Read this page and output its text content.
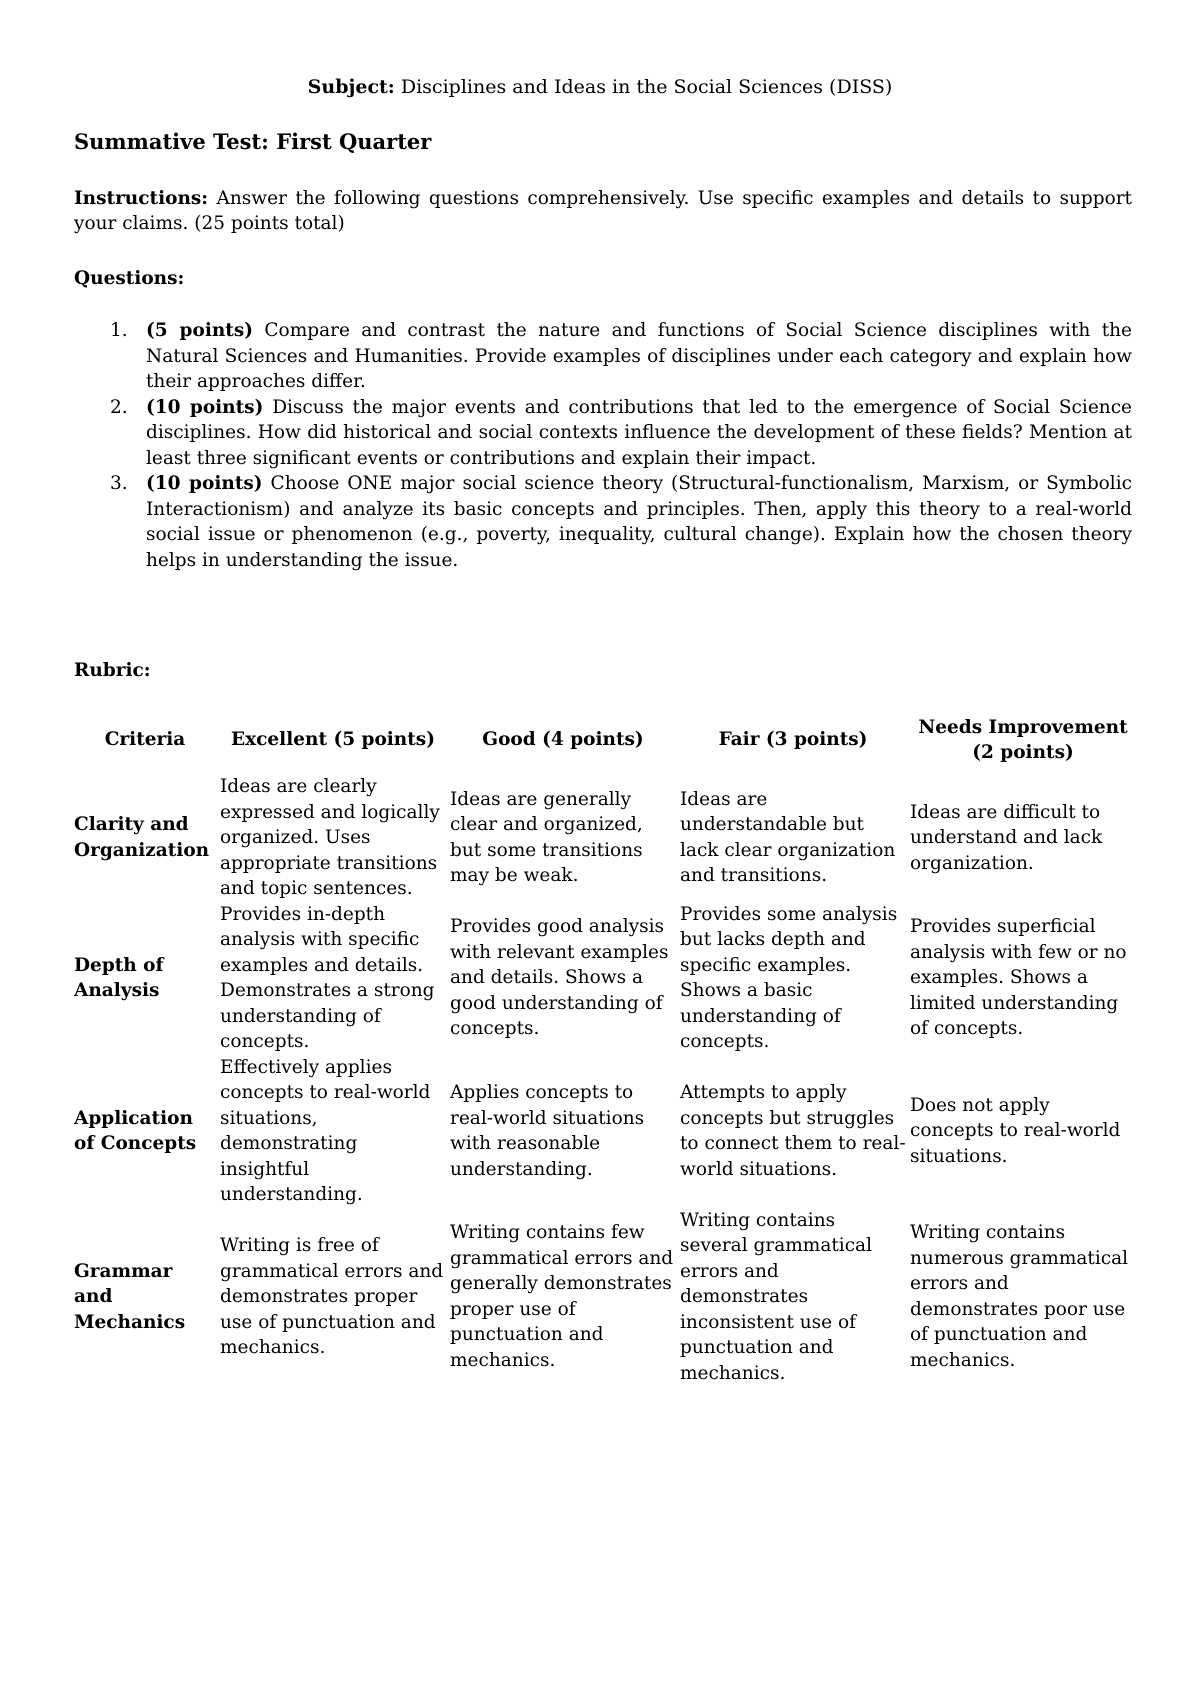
Subject: Disciplines and Ideas in the Social Sciences (DISS)
Summative Test: First Quarter
Instructions: Answer the following questions comprehensively. Use specific examples and details to support your claims. (25 points total)
Questions:
1. (5 points) Compare and contrast the nature and functions of Social Science disciplines with the Natural Sciences and Humanities. Provide examples of disciplines under each category and explain how their approaches differ.
2. (10 points) Discuss the major events and contributions that led to the emergence of Social Science disciplines. How did historical and social contexts influence the development of these fields? Mention at least three significant events or contributions and explain their impact.
3. (10 points) Choose ONE major social science theory (Structural-functionalism, Marxism, or Symbolic Interactionism) and analyze its basic concepts and principles. Then, apply this theory to a real-world social issue or phenomenon (e.g., poverty, inequality, cultural change). Explain how the chosen theory helps in understanding the issue.
Rubric:
Criteria	Excellent (5 points)	Good (4 points)	Fair (3 points)	Needs Improvement (2 points)
Clarity and Organization	Ideas are clearly expressed and logically organized. Uses appropriate transitions and topic sentences.	Ideas are generally clear and organized, but some transitions may be weak.	Ideas are understandable but lack clear organization and transitions.	Ideas are difficult to understand and lack organization.
Depth of Analysis	Provides in-depth analysis with specific examples and details. Demonstrates a strong understanding of concepts.	Provides good analysis with relevant examples and details. Shows a good understanding of concepts.	Provides some analysis but lacks depth and specific examples. Shows a basic understanding of concepts.	Provides superficial analysis with few or no examples. Shows a limited understanding of concepts.
Application of Concepts	Effectively applies concepts to real-world situations, demonstrating insightful understanding.	Applies concepts to real-world situations with reasonable understanding.	Attempts to apply concepts but struggles to connect them to real-world situations.	Does not apply concepts to real-world situations.
Grammar and Mechanics	Writing is free of grammatical errors and demonstrates proper use of punctuation and mechanics.	Writing contains few grammatical errors and generally demonstrates proper use of punctuation and mechanics.	Writing contains several grammatical errors and demonstrates inconsistent use of punctuation and mechanics.	Writing contains numerous grammatical errors and demonstrates poor use of punctuation and mechanics.
